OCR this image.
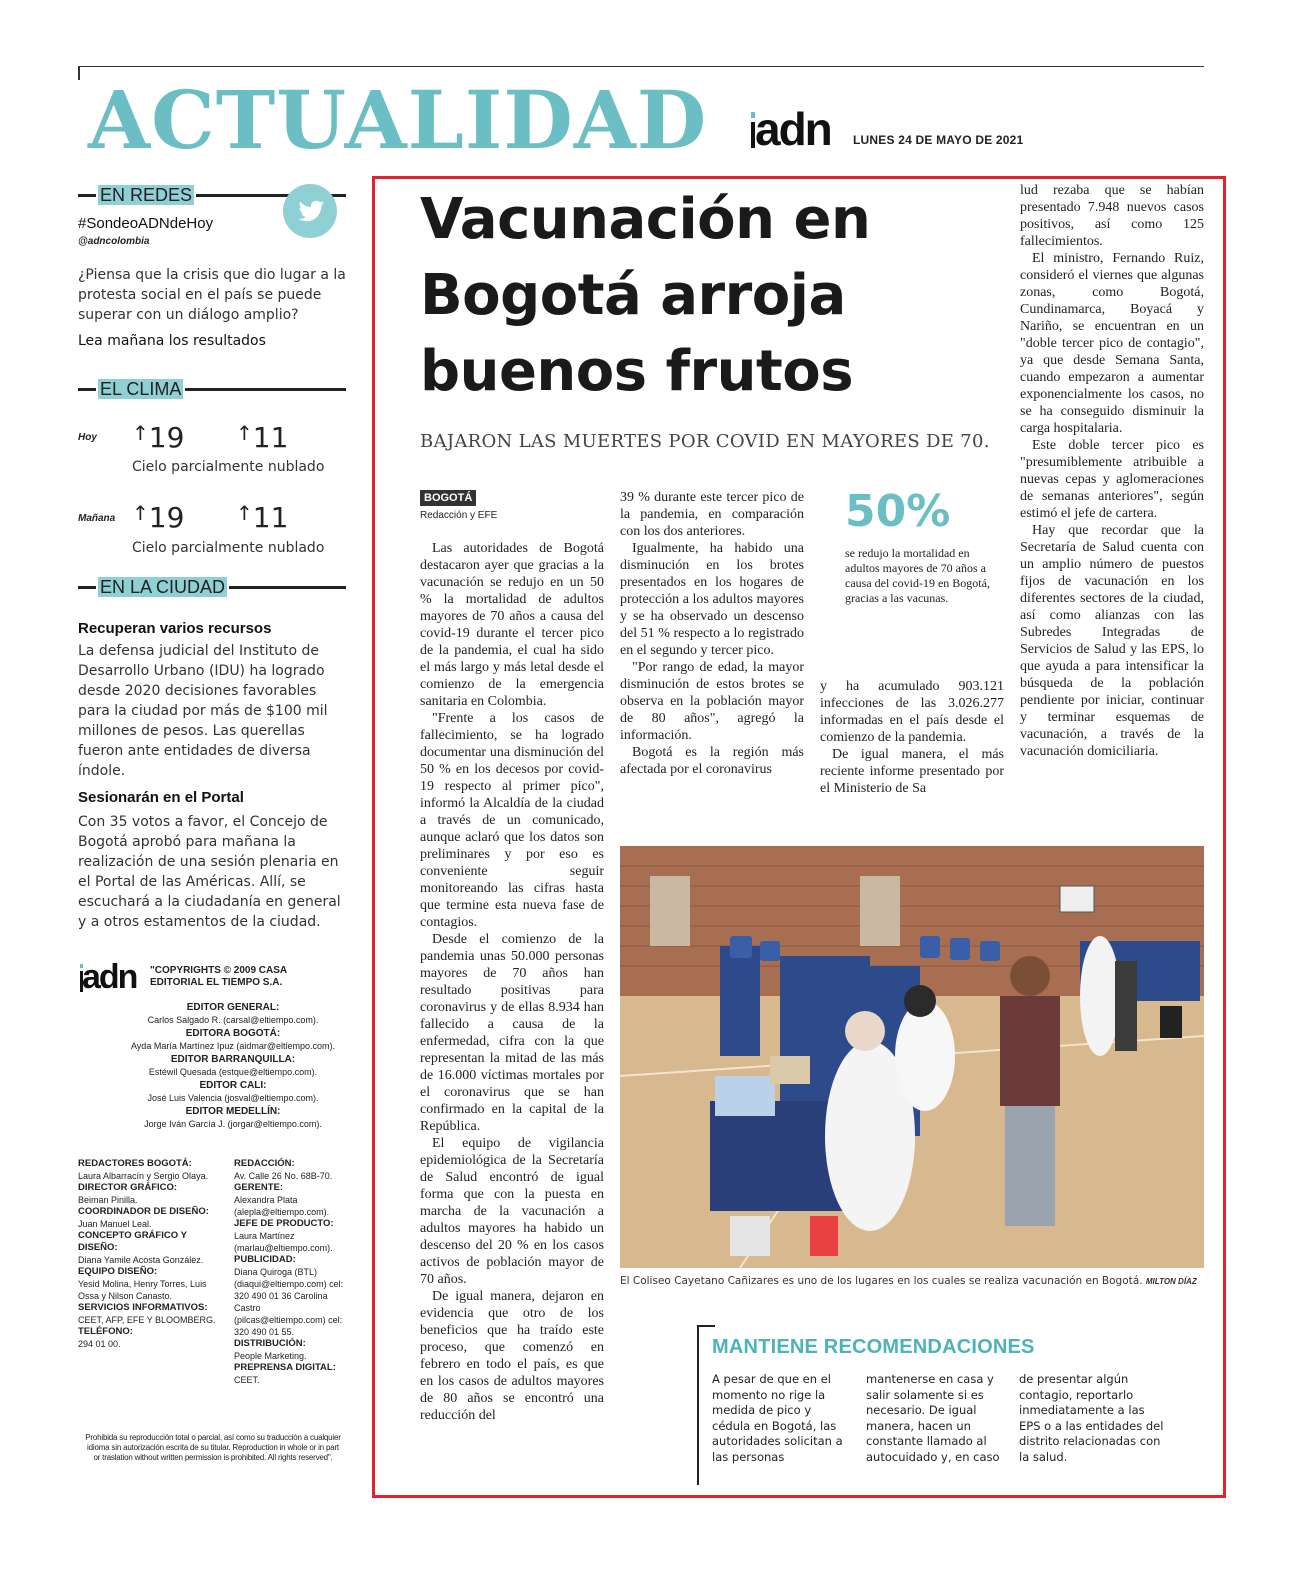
ACTUALIDAD adn LUNES 24 DE MAYO DE 2021
EN REDES
#SondeoADNdeHoy
@adncolombia
¿Piensa que la crisis que dio lugar a la protesta social en el país se puede superar con un diálogo amplio?
Lea mañana los resultados
EL CLIMA
Hoy ↑19	↑11
Cielo parcialmente nublado
Mañana ↑19	↑11
Cielo parcialmente nublado
EN LA CIUDAD
Recuperan varios recursos
La defensa judicial del Instituto de Desarrollo Urbano (IDU) ha logrado desde 2020 decisiones favorables para la ciudad por más de $100 mil millones de pesos. Las querellas fueron ante entidades de diversa índole.
Sesionarán en el Portal
Con 35 votos a favor, el Concejo de Bogotá aprobó para mañana la realización de una sesión plenaria en el Portal de las Américas. Allí, se escuchará a la ciudadanía en general y a otros estamentos de la ciudad.
adn "COPYRIGHTS © 2009 CASA EDITORIAL EL TIEMPO S.A.
EDITOR GENERAL:
Carlos Salgado R. (carsal@eltiempo.com).
EDITORA BOGOTÁ:
Ayda María Martínez Ipuz (aidmar@eltiempo.com).
EDITOR BARRANQUILLA:
Estéwil Quesada (estque@eltiempo.com).
EDITOR CALI:
José Luis Valencia (josval@eltiempo.com).
EDITOR MEDELLÍN:
Jorge Iván García J. (jorgar@eltiempo.com).
REDACTORES BOGOTÁ:
Laura Albarracín y Sergio Olaya.
DIRECTOR GRÁFICO:
Beiman Pinilla.
COORDINADOR DE DISEÑO:
Juan Manuel Leal.
CONCEPTO GRÁFICO Y DISEÑO:
Diana Yamile Acosta González.
EQUIPO DISEÑO:
Yesid Molina, Henry Torres, Luis Ossa y Nilson Canasto.
SERVICIOS INFORMATIVOS:
CEET, AFP, EFE Y BLOOMBERG.
TELÉFONO:
294 01 00.
REDACCIÓN:
Av. Calle 26 No. 68B-70.
GERENTE:
Alexandra Plata (alepla@eltiempo.com).
JEFE DE PRODUCTO:
Laura Martínez (marlau@eltiempo.com).
PUBLICIDAD:
Diana Quiroga (BTL) (diaqui@eltiempo.com) cel: 320 490 01 36 Carolina Castro (pilcas@eltiempo.com) cel: 320 490 01 55.
DISTRIBUCIÓN:
People Marketing.
PREPRENSA DIGITAL:
CEET.
Prohibida su reproducción total o parcial, así como su traducción a cualquier idioma sin autorización escrita de su titular. Reproduction in whole or in part or traslation without written permission is prohibited. All rights reserved".
Vacunación en Bogotá arroja buenos frutos
BAJARON LAS MUERTES POR COVID EN MAYORES DE 70.
BOGOTÁ
Redacción y EFE

Las autoridades de Bogotá destacaron ayer que gracias a la vacunación se redujo en un 50 % la mortalidad de adultos mayores de 70 años a causa del covid-19 durante el tercer pico de la pandemia, el cual ha sido el más largo y más letal desde el comienzo de la emergencia sanitaria en Colombia.

"Frente a los casos de fallecimiento, se ha logrado documentar una disminución del 50 % en los decesos por covid-19 respecto al primer pico", informó la Alcaldía de la ciudad a través de un comunicado, aunque aclaró que los datos son preliminares y por eso es conveniente seguir monitoreando las cifras hasta que termine esta nueva fase de contagios.

Desde el comienzo de la pandemia unas 50.000 personas mayores de 70 años han resultado positivas para coronavirus y de ellas 8.934 han fallecido a causa de la enfermedad, cifra con la que representan la mitad de las más de 16.000 víctimas mortales por el coronavirus que se han confirmado en la capital de la República.

El equipo de vigilancia epidemiológica de la Secretaría de Salud encontró de igual forma que con la puesta en marcha de la vacunación a adultos mayores ha habido un descenso del 20 % en los casos activos de población mayor de 70 años.

De igual manera, dejaron en evidencia que otro de los beneficios que ha traído este proceso, que comenzó en febrero en todo el país, es que en los casos de adultos mayores de 80 años se encontró una reducción del

39 % durante este tercer pico de la pandemia, en comparación con los dos anteriores.

Igualmente, ha habido una disminución en los brotes presentados en los hogares de protección a los adultos mayores y se ha observado un descenso del 51 % respecto a lo registrado en el segundo y tercer pico.

"Por rango de edad, la mayor disminución de estos brotes se observa en la población mayor de 80 años", agregó la información.

Bogotá es la región más afectada por el coronavirus

50%
se redujo la mortalidad en adultos mayores de 70 años a causa del covid-19 en Bogotá, gracias a las vacunas.

y ha acumulado 903.121 infecciones de las 3.026.277 informadas en el país desde el comienzo de la pandemia.

De igual manera, el más reciente informe presentado por el Ministerio de Sa

lud rezaba que se habían presentado 7.948 nuevos casos positivos, así como 125 fallecimientos.

El ministro, Fernando Ruiz, consideró el viernes que algunas zonas, como Bogotá, Cundinamarca, Boyacá y Nariño, se encuentran en un "doble tercer pico de contagio", ya que desde Semana Santa, cuando empezaron a aumentar exponencialmente los casos, no se ha conseguido disminuir la carga hospitalaria.

Este doble tercer pico es "presumiblemente atribuible a nuevas cepas y aglomeraciones de semanas anteriores", según estimó el jefe de cartera.

Hay que recordar que la Secretaría de Salud cuenta con un amplio número de puestos fijos de vacunación en los diferentes sectores de la ciudad, así como alianzas con las Subredes Integradas de Servicios de Salud y las EPS, lo que ayuda a para intensificar la búsqueda de la población pendiente por iniciar, continuar y terminar esquemas de vacunación, a través de la vacunación domiciliaria.

El Coliseo Cayetano Cañizares es uno de los lugares en los cuales se realiza vacunación en Bogotá. MILTON DÍAZ
MANTIENE RECOMENDACIONES
A pesar de que en el momento no rige la medida de pico y cédula en Bogotá, las autoridades solicitan a las personas
mantenerse en casa y salir solamente si es necesario. De igual manera, hacen un constante llamado al autocuidado y, en caso
de presentar algún contagio, reportarlo inmediatamente a las EPS o a las entidades del distrito relacionadas con la salud.
